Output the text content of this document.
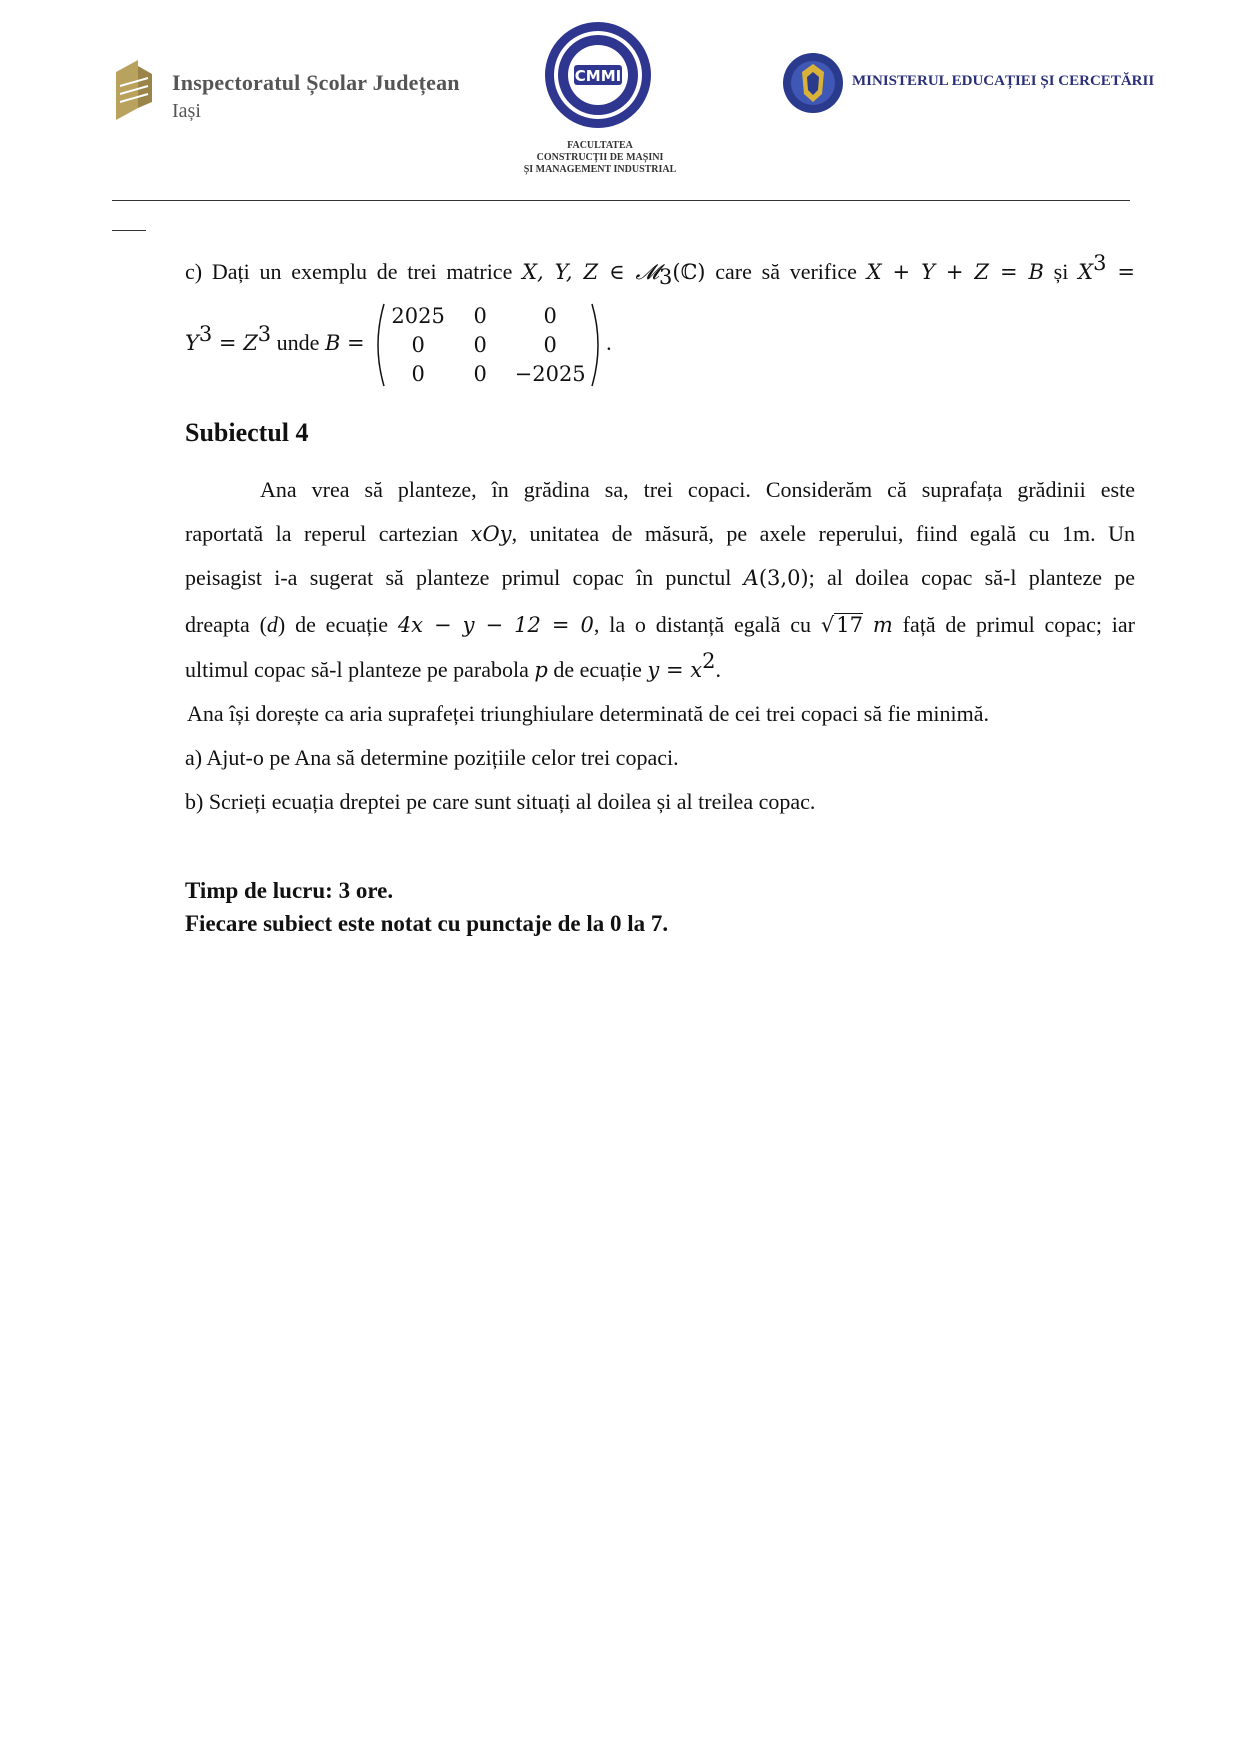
Inspectoratul Școlar Județean
Iași
CMMI
FACULTATEA
CONSTRUCȚII DE MAȘINI
ȘI MANAGEMENT INDUSTRIAL
MINISTERUL EDUCAȚIEI ȘI CERCETĂRII
c) Dați un exemplu de trei matrice X, Y, Z ∈ 𝓜$_3$(ℂ) care să verifice X + Y + Z = B și $X^3$ =
$Y^3 = Z^3$ unde B =
2025	0	0
0	0	0
0	0	−2025
.
Subiectul 4
Ana vrea să planteze, în grădina sa, trei copaci. Considerăm că suprafața grădinii este
raportată la reperul cartezian xOy, unitatea de măsură, pe axele reperului, fiind egală cu 1m. Un
peisagist i-a sugerat să planteze primul copac în punctul A(3,0); al doilea copac să-l planteze pe
dreapta (d) de ecuație 4x − y − 12 = 0, la o distanță egală cu √17 m față de primul copac; iar
ultimul copac să-l planteze pe parabola p de ecuație $y = x^2$.
Ana își dorește ca aria suprafeței triunghiulare determinată de cei trei copaci să fie minimă.
a) Ajut-o pe Ana să determine pozițiile celor trei copaci.
b) Scrieți ecuația dreptei pe care sunt situați al doilea și al treilea copac.
Timp de lucru: 3 ore.
Fiecare subiect este notat cu punctaje de la 0 la 7.
